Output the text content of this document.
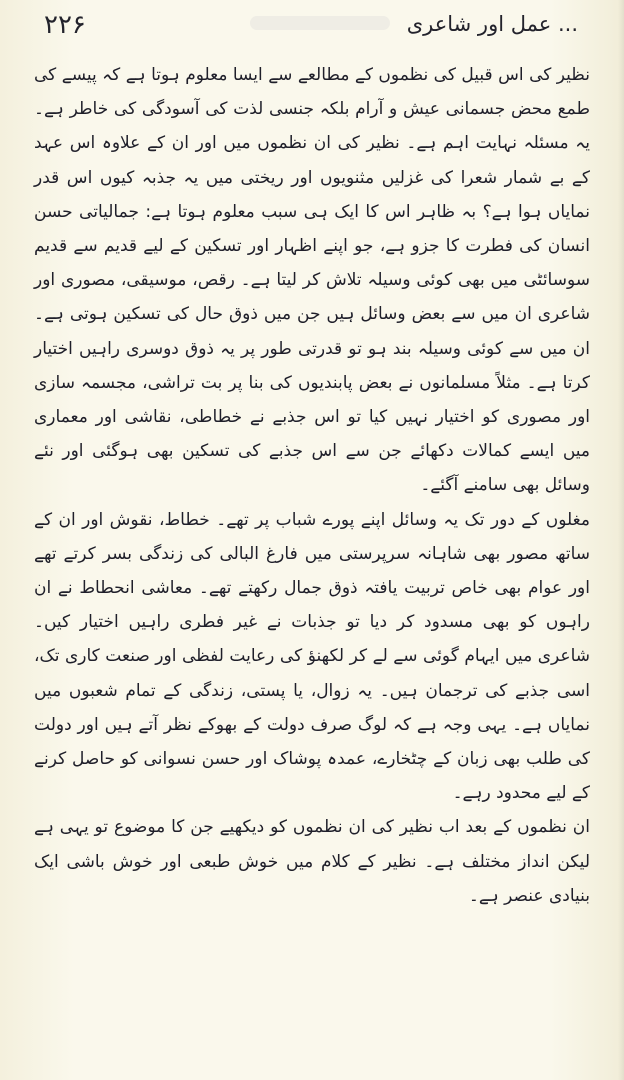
۲۲۶	... عمل اور شاعری

نظیر کی اس قبیل کی نظموں کے مطالعے سے ایسا معلوم ہوتا ہے کہ پیسے کی طمع محض جسمانی عیش و آرام بلکہ جنسی لذت کی آسودگی کی خاطر ہے۔ یہ مسئلہ نہایت اہم ہے۔ نظیر کی ان نظموں میں اور ان کے علاوہ اس عہد کے بے شمار شعرا کی غزلیں مثنویوں اور ریختی میں یہ جذبہ کیوں اس قدر نمایاں ہوا ہے؟ بہ ظاہر اس کا ایک ہی سبب معلوم ہوتا ہے: جمالیاتی حسن انسان کی فطرت کا جزو ہے، جو اپنے اظہار اور تسکین کے لیے قدیم سے قدیم سوسائٹی میں بھی کوئی وسیلہ تلاش کر لیتا ہے۔ رقص، موسیقی، مصوری اور شاعری ان میں سے بعض وسائل ہیں جن میں ذوق حال کی تسکین ہوتی ہے۔ ان میں سے کوئی وسیلہ بند ہو تو قدرتی طور پر یہ ذوق دوسری راہیں اختیار کرتا ہے۔ مثلاً مسلمانوں نے بعض پابندیوں کی بنا پر بت تراشی، مجسمہ سازی اور مصوری کو اختیار نہیں کیا تو اس جذبے نے خطاطی، نقاشی اور معماری میں ایسے کمالات دکھائے جن سے اس جذبے کی تسکین بھی ہوگئی اور نئے وسائل بھی سامنے آگئے۔

مغلوں کے دور تک یہ وسائل اپنے پورے شباب پر تھے۔ خطاط، نقوش اور ان کے ساتھ مصور بھی شاہانہ سرپرستی میں فارغ البالی کی زندگی بسر کرتے تھے اور عوام بھی خاص تربیت یافتہ ذوق جمال رکھتے تھے۔ معاشی انحطاط نے ان راہوں کو بھی مسدود کر دیا تو جذبات نے غیر فطری راہیں اختیار کیں۔ شاعری میں ایہام گوئی سے لے کر لکھنؤ کی رعایت لفظی اور صنعت کاری تک، اسی جذبے کی ترجمان ہیں۔ یہ زوال، یا پستی، زندگی کے تمام شعبوں میں نمایاں ہے۔ یہی وجہ ہے کہ لوگ صرف دولت کے بھوکے نظر آتے ہیں اور دولت کی طلب بھی زبان کے چٹخارے، عمدہ پوشاک اور حسن نسوانی کو حاصل کرنے کے لیے محدود رہے۔

ان نظموں کے بعد اب نظیر کی ان نظموں کو دیکھیے جن کا موضوع تو یہی ہے لیکن انداز مختلف ہے۔ نظیر کے کلام میں خوش طبعی اور خوش باشی ایک بنیادی عنصر ہے۔
